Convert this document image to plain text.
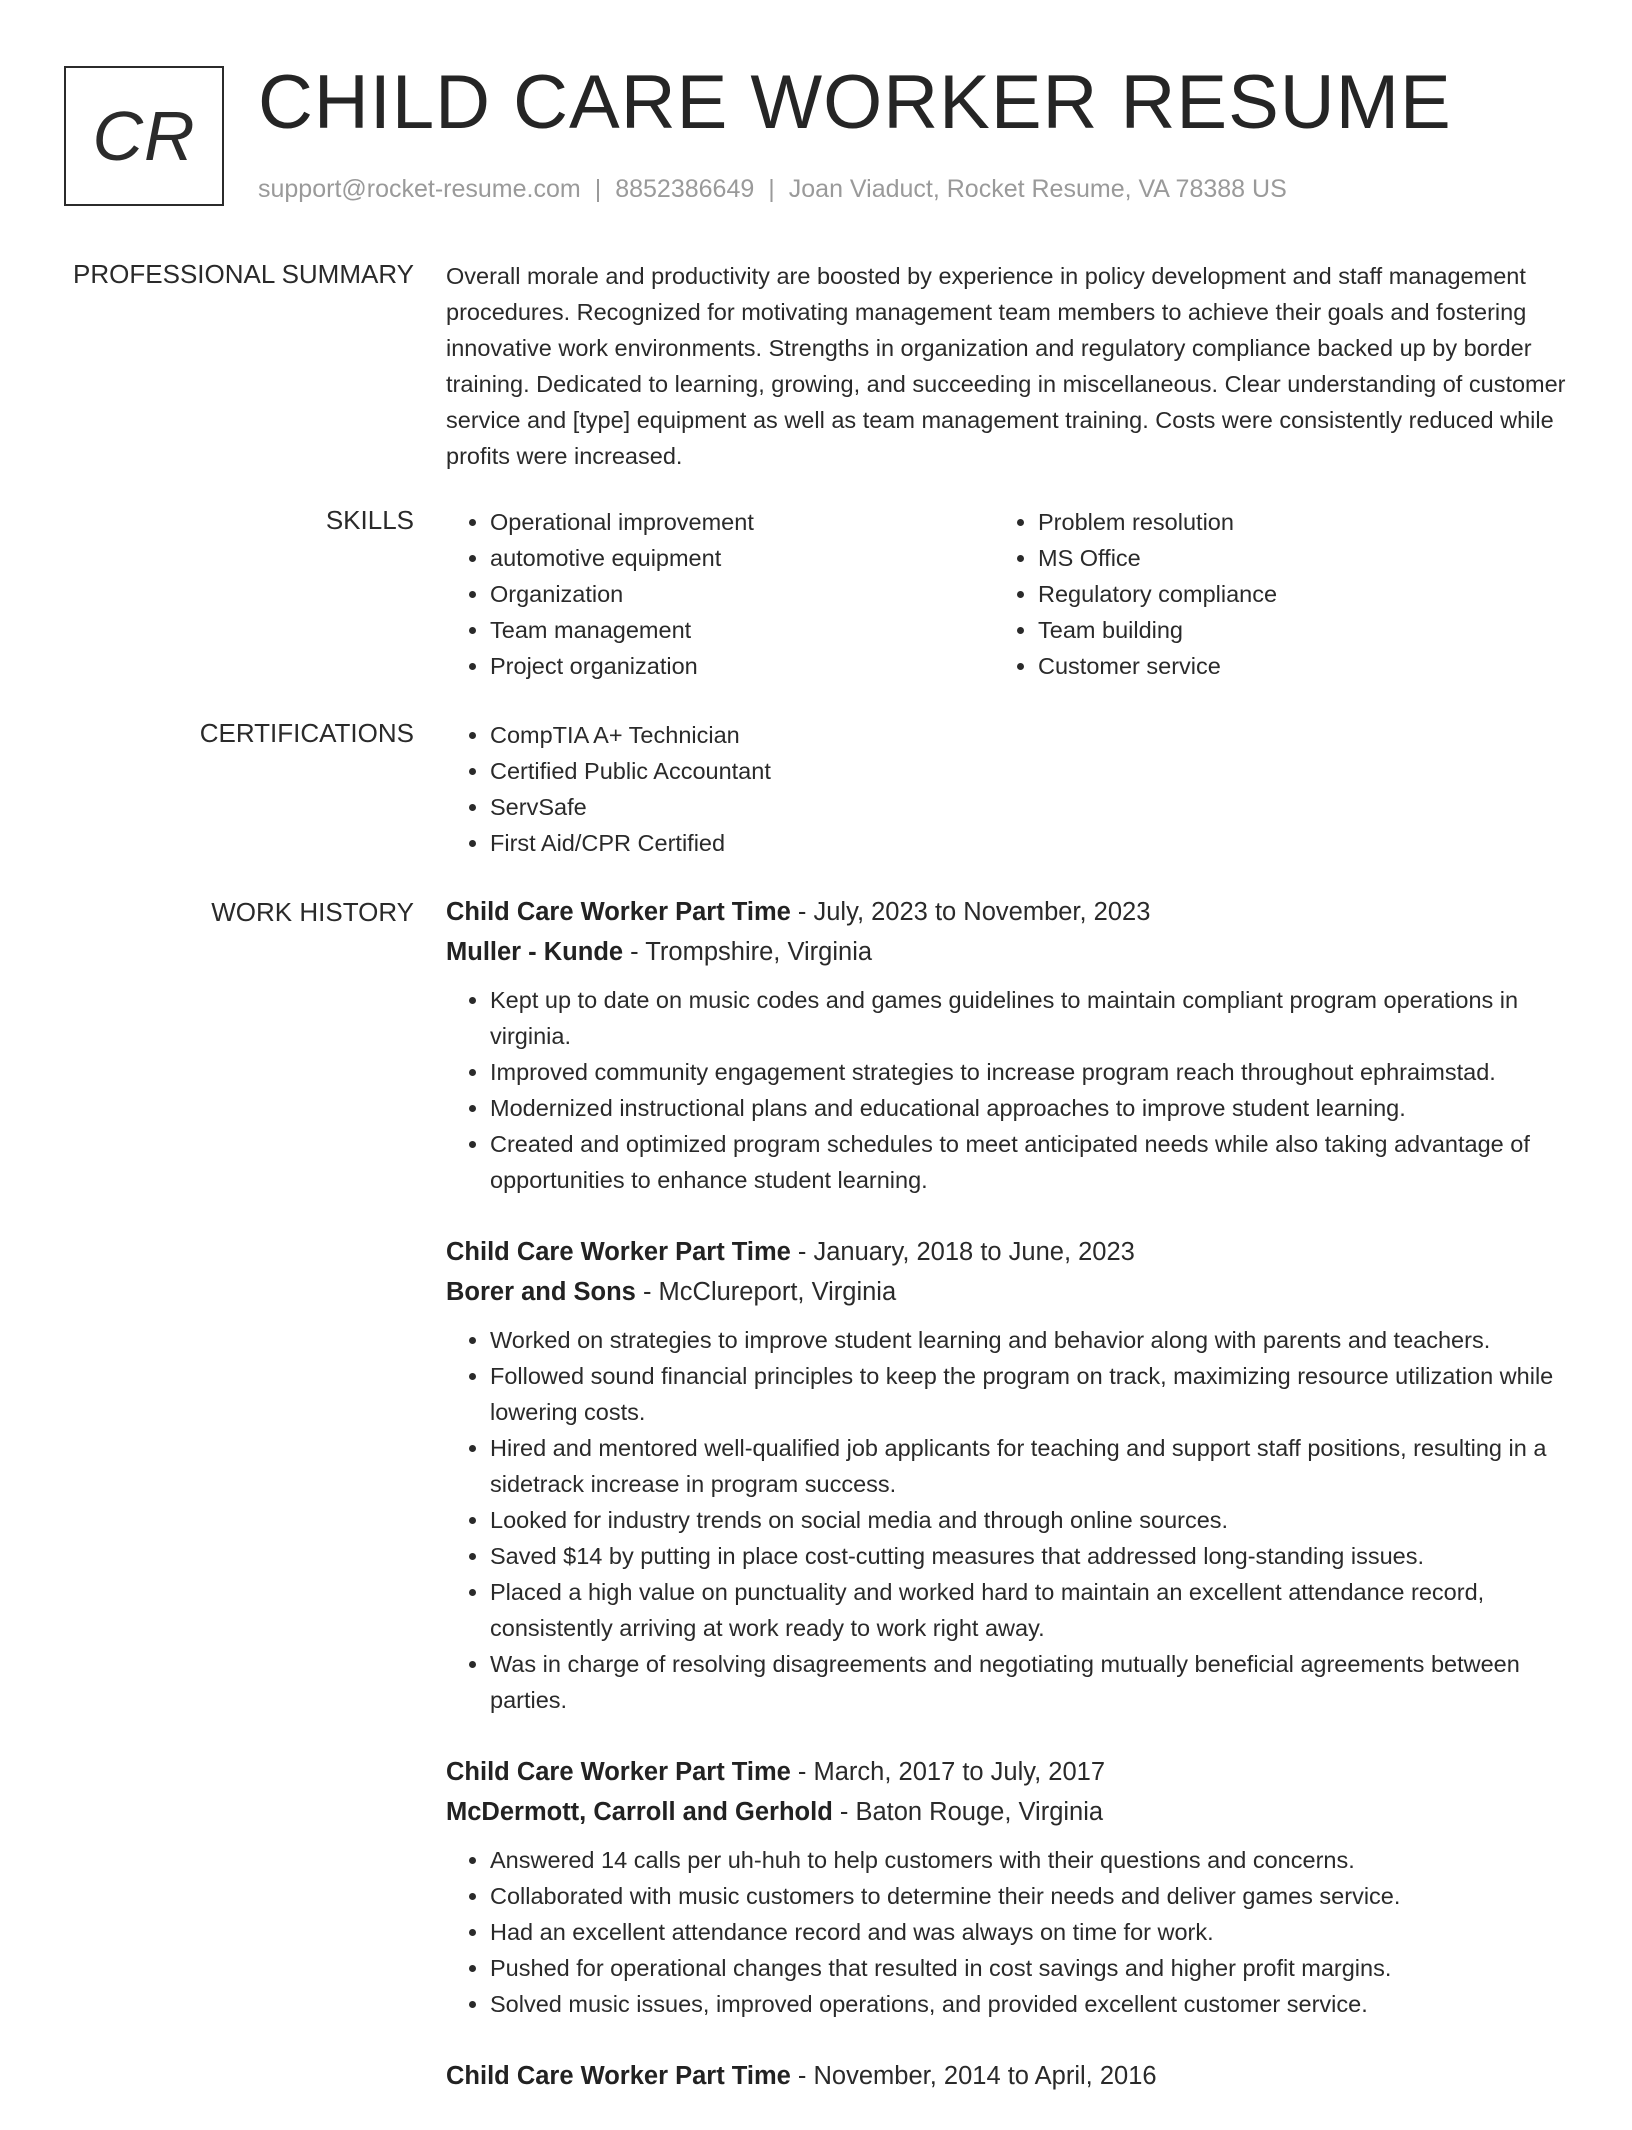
CR CHILD CARE WORKER RESUME
support@rocket-resume.com | 8852386649 | Joan Viaduct, Rocket Resume, VA 78388 US
PROFESSIONAL SUMMARY Overall morale and productivity are boosted by experience in policy development and staff management procedures. Recognized for motivating management team members to achieve their goals and fostering innovative work environments. Strengths in organization and regulatory compliance backed up by border training. Dedicated to learning, growing, and succeeding in miscellaneous. Clear understanding of customer service and [type] equipment as well as team management training. Costs were consistently reduced while profits were increased.

SKILLS	• Operational improvement
• automotive equipment
• Organization
• Team management
• Project organization
• Problem resolution
• MS Office
• Regulatory compliance
• Team building
• Customer service
CERTIFICATIONS	• CompTIA A+ Technician
• Certified Public Accountant
• ServSafe
• First Aid/CPR Certified
WORK HISTORY Child Care Worker Part Time - July, 2023 to November, 2023
Muller - Kunde - Trompshire, Virginia
• Kept up to date on music codes and games guidelines to maintain compliant program operations in virginia.
• Improved community engagement strategies to increase program reach throughout ephraimstad.
• Modernized instructional plans and educational approaches to improve student learning.
• Created and optimized program schedules to meet anticipated needs while also taking advantage of opportunities to enhance student learning.
Child Care Worker Part Time - January, 2018 to June, 2023
Borer and Sons - McClureport, Virginia
• Worked on strategies to improve student learning and behavior along with parents and teachers.
• Followed sound financial principles to keep the program on track, maximizing resource utilization while lowering costs.
• Hired and mentored well-qualified job applicants for teaching and support staff positions, resulting in a sidetrack increase in program success.
• Looked for industry trends on social media and through online sources.
• Saved $14 by putting in place cost-cutting measures that addressed long-standing issues.
• Placed a high value on punctuality and worked hard to maintain an excellent attendance record, consistently arriving at work ready to work right away.
• Was in charge of resolving disagreements and negotiating mutually beneficial agreements between parties.
Child Care Worker Part Time - March, 2017 to July, 2017
McDermott, Carroll and Gerhold - Baton Rouge, Virginia
• Answered 14 calls per uh-huh to help customers with their questions and concerns.
• Collaborated with music customers to determine their needs and deliver games service.
• Had an excellent attendance record and was always on time for work.
• Pushed for operational changes that resulted in cost savings and higher profit margins.
• Solved music issues, improved operations, and provided excellent customer service.
Child Care Worker Part Time - November, 2014 to April, 2016
